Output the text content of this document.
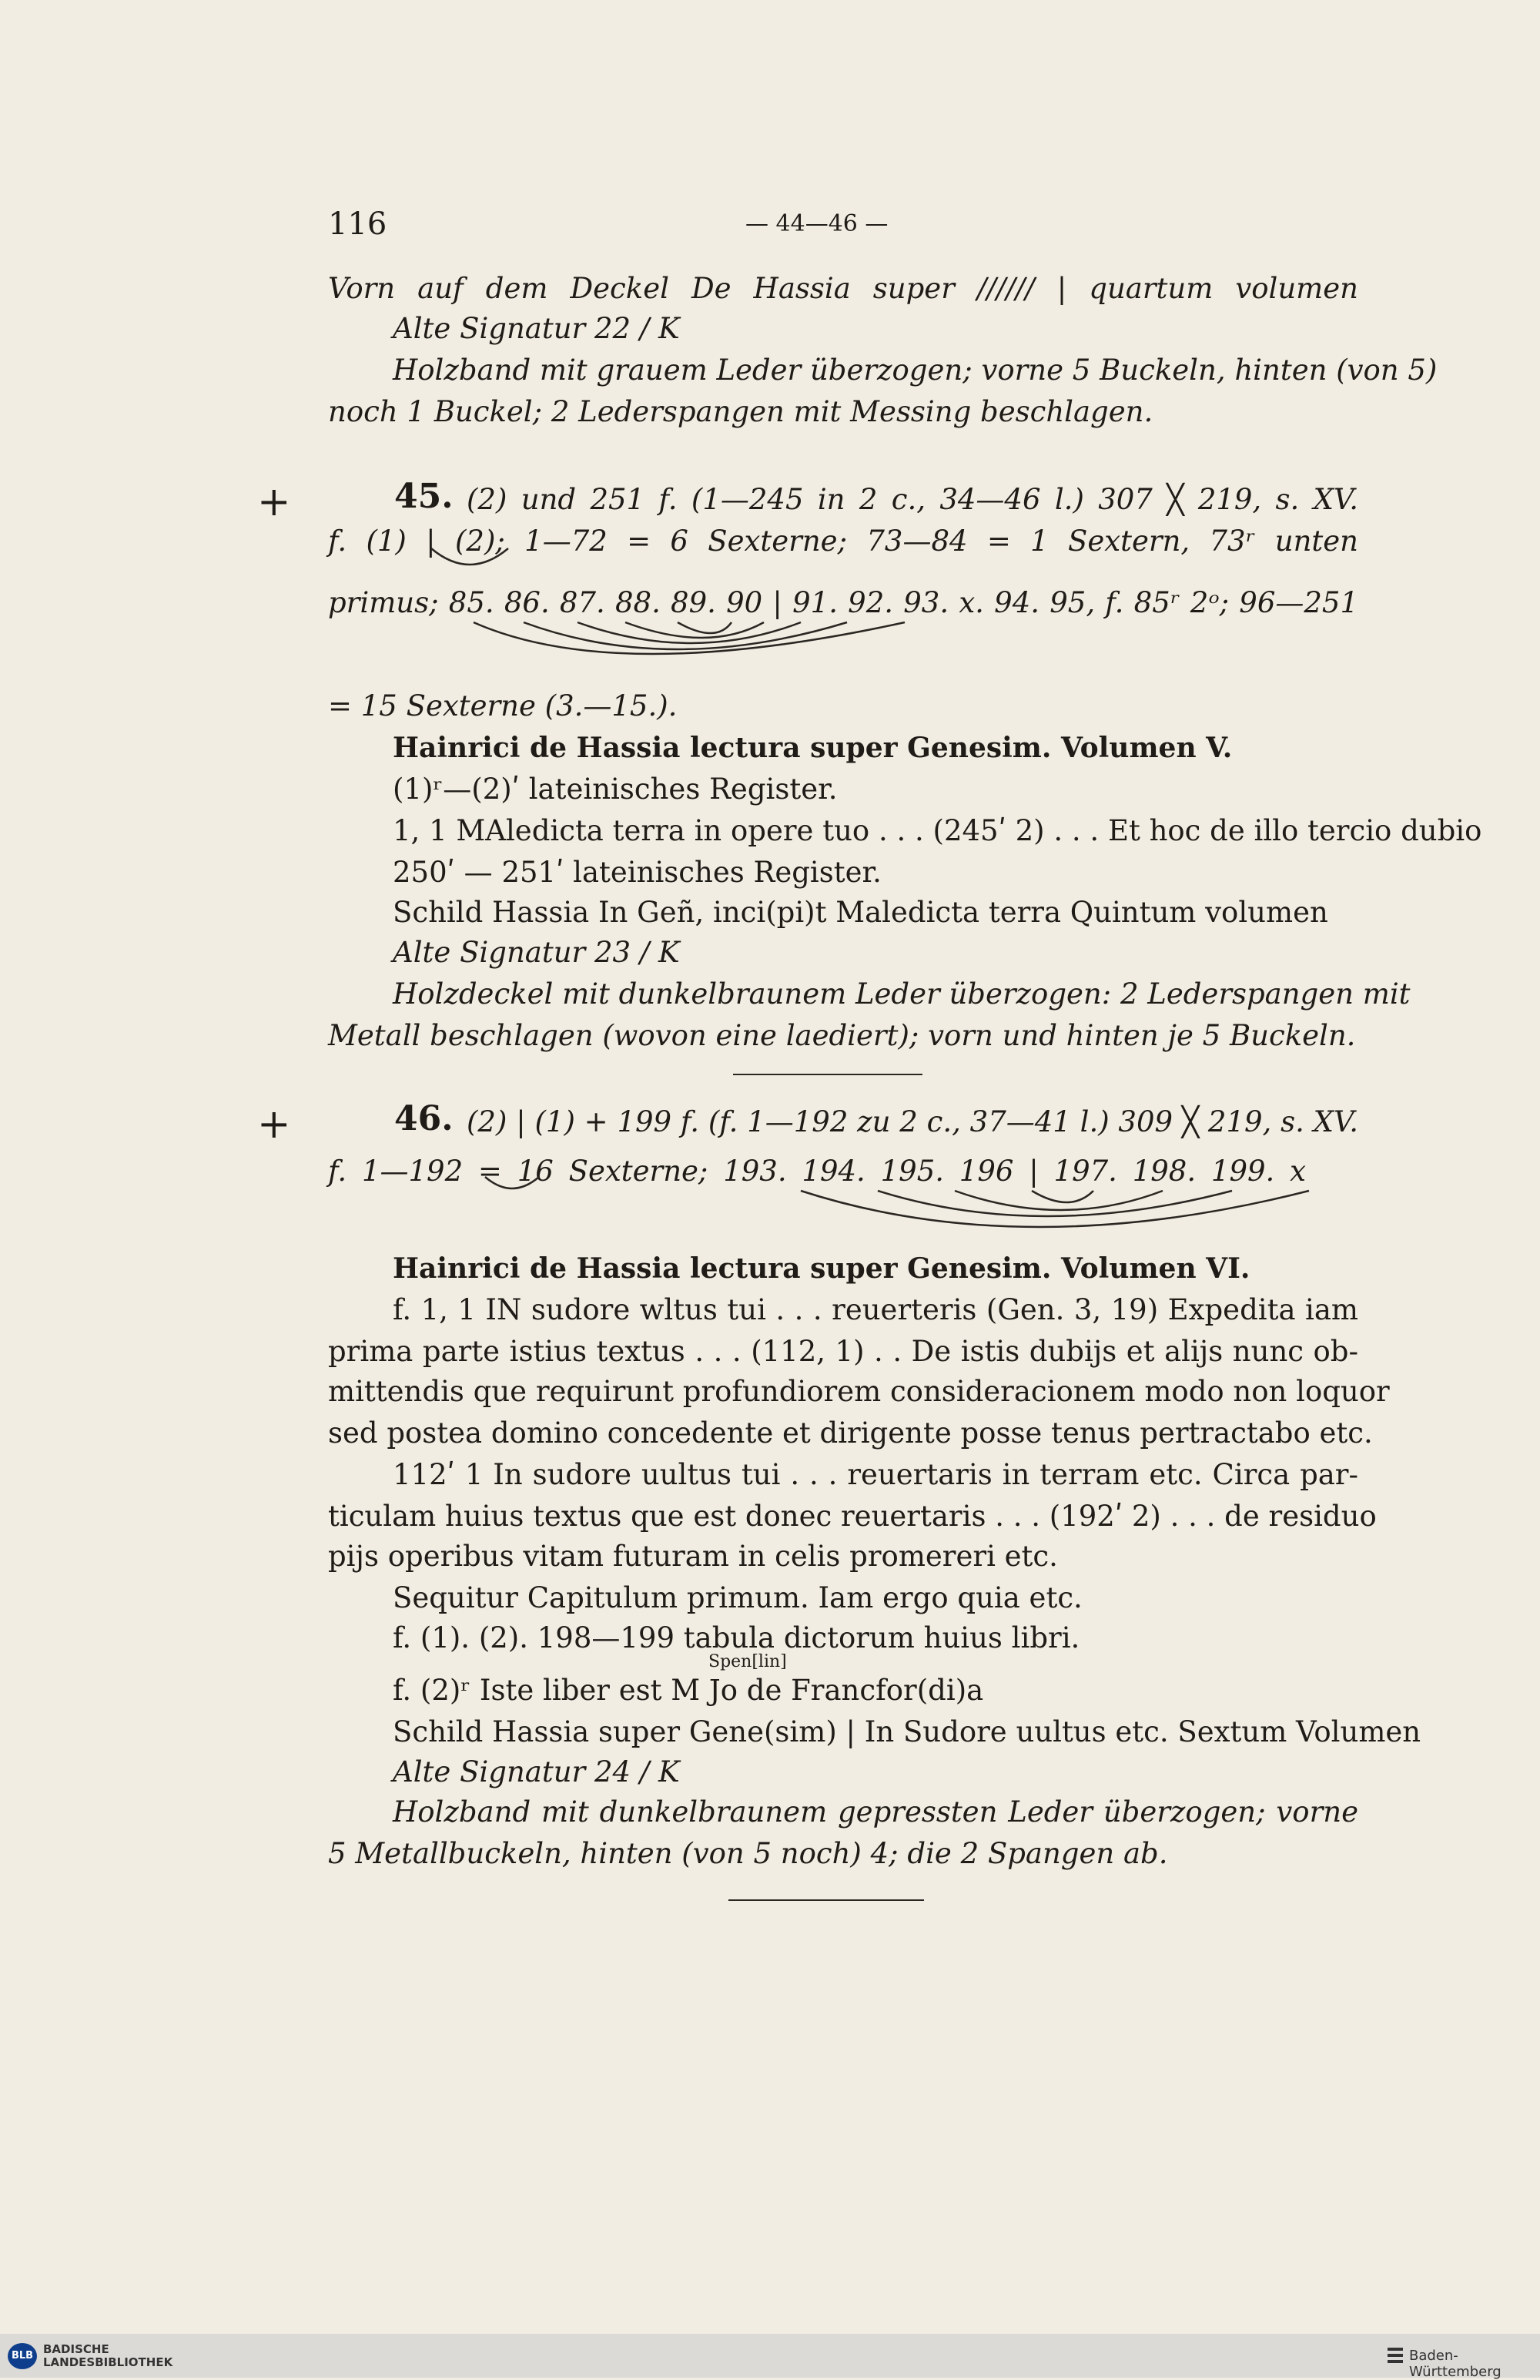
116	— 44—46 —
Vorn auf dem Deckel De Hassia super ////// | quartum volumen
Alte Signatur 22 / K
Holzband mit grauem Leder überzogen; vorne 5 Buckeln, hinten (von 5)
noch 1 Buckel; 2 Lederspangen mit Messing beschlagen.
+	45. (2) und 251 f. (1—245 in 2 c., 34—46 l.) 307 ╳ 219, s. XV.
f. (1) | (2); 1—72 = 6 Sexterne; 73—84 = 1 Sextern, 73ʳ unten
primus; 85. 86. 87. 88. 89. 90 | 91. 92. 93. x. 94. 95, f. 85ʳ 2ᵒ; 96—251
= 15 Sexterne (3.—15.).
Hainrici de Hassia lectura super Genesim. Volumen V.
(1)ʳ—(2)ʹ lateinisches Register.
1, 1 MAledicta terra in opere tuo . . . (245ʹ 2) . . . Et hoc de illo tercio dubio
250ʹ — 251ʹ lateinisches Register.
Schild Hassia In Geñ, inci(pi)t Maledicta terra Quintum volumen
Alte Signatur 23 / K
Holzdeckel mit dunkelbraunem Leder überzogen: 2 Lederspangen mit
Metall beschlagen (wovon eine laediert); vorn und hinten je 5 Buckeln.
+	46. (2) | (1) + 199 f. (f. 1—192 zu 2 c., 37—41 l.) 309 ╳ 219, s. XV.
f. 1—192 = 16 Sexterne; 193. 194. 195. 196 | 197. 198. 199. x
Hainrici de Hassia lectura super Genesim. Volumen VI.
f. 1, 1 IN sudore wltus tui . . . reuerteris (Gen. 3, 19) Expedita iam
prima parte istius textus . . . (112, 1) . . De istis dubijs et alijs nunc ob-
mittendis que requirunt profundiorem consideracionem modo non loquor
sed postea domino concedente et dirigente posse tenus pertractabo etc.
112ʹ 1 In sudore uultus tui . . . reuertaris in terram etc. Circa par-
ticulam huius textus que est donec reuertaris . . . (192ʹ 2) . . . de residuo
pijs operibus vitam futuram in celis promereri etc.
Sequitur Capitulum primum. Iam ergo quia etc.
f. (1). (2). 198—199 tabula dictorum huius libri.
Spen[lin]
f. (2)ʳ Iste liber est M Jo de Francfor(di)a
Schild Hassia super Gene(sim) | In Sudore uultus etc. Sextum Volumen
Alte Signatur 24 / K
Holzband mit dunkelbraunem gepressten Leder überzogen; vorne
5 Metallbuckeln, hinten (von 5 noch) 4; die 2 Spangen ab.
BLB BADISCHE
LANDESBIBLIOTHEK	Baden-Württemberg
